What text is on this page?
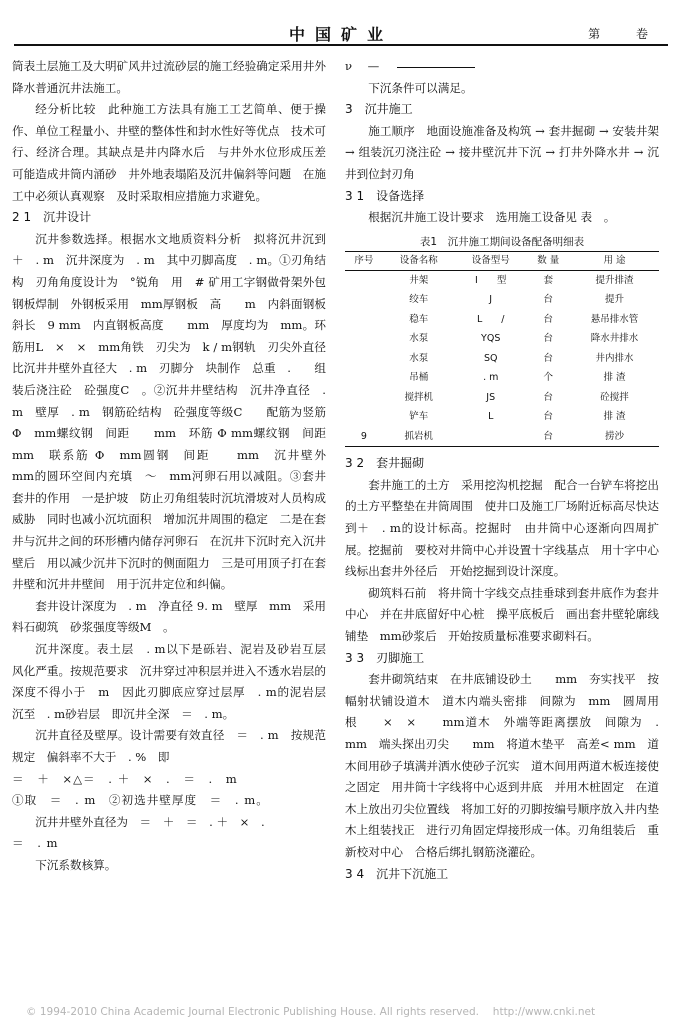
中国矿业	第 卷

筒表土层施工及大明矿风井过流砂层的施工经验确定采用井外降水普通沉井法施工。

经分析比较　此种施工方法具有施工工艺简单、便于操作、单位工程量小、井壁的整体性和封水性好等优点　技术可行、经济合理。其缺点是井内降水后　与井外水位形成压差　可能造成井筒内涌砂　井外地表塌陷及沉井偏斜等问题　在施工中必须认真观察　及时采取相应措施力求避免。

2 1　沉井设计

沉井参数选择。根据水文地质资料分析　拟将沉井沉到＋　. m　沉井深度为　. m　其中刃脚高度　. m。①刃角结构　刃角角度设计为　°锐角　用　# 矿用工字钢做骨架外包钢板焊制　外钢板采用　mm厚钢板　高　　m　内斜面钢板斜长　9 mm　内直钢板高度　　mm　厚度均为　mm。环筋用L　×　×　mm角铁　刃尖为　k / m钢轨　刃尖外直径比沉井井壁外直径大　. m　刃脚分　块制作　总重　.　　组装后浇注砼　砼强度C　。②沉井井壁结构　沉井净直径　. m　壁厚　. m　钢筋砼结构　砼强度等级C　　配筋为竖筋 Φ　mm螺纹钢　间距　　mm　环筋 Φ mm螺纹钢　间距　　mm　联系筋 Φ　mm圆钢　间距　　mm　沉井壁外　　mm的圆环空间内充填　～　mm河卵石用以减阻。③套井　套井的作用　一是护坡　防止刃角组装时沉坑滑坡对人员构成威胁　同时也减小沉坑面积　增加沉井周围的稳定　二是在套井与沉井之间的环形槽内储存河卵石　在沉井下沉时充入沉井壁后　用以减少沉井下沉时的侧面阻力　三是可用顶子打在套井壁和沉井井壁间　用于沉井定位和纠偏。

套井设计深度为　. m　净直径 9. m　壁厚　mm　采用料石砌筑　砂浆强度等级M　。

沉井深度。表土层　. m以下是砾岩、泥岩及砂岩互层　风化严重。按规范要求　沉井穿过冲积层并进入不透水岩层的深度不得小于　m　因此刃脚底应穿过层厚　. m的泥岩层　沉至　. m砂岩层　即沉井全深　＝　. m。

沉井直径及壁厚。设计需要有效直径　＝　. m　按规范规定　偏斜率不大于　. %　即

＝　＋　×△＝　. ＋　×　.　＝　.　m

①取　＝　. m　②初选井壁厚度　＝　. m。

沉井井壁外直径为　＝　＋　＝　. ＋　×　.

＝　. m

下沉系数核算。

ν　—

下沉条件可以满足。

3　沉井施工

施工顺序　地面设施准备及构筑 → 套井掘砌 → 安装井架 → 组装沉刃浇注砼 → 接井壁沉井下沉 → 打井外降水井 → 沉井到位封刃角

3 1　设备选择

根据沉井施工设计要求　选用施工设备见 表　。

表1　沉井施工期间设备配备明细表
序号	设备名称	设备型号	数 量	用 途
	井架	I　　型	套	提升排渣
	绞车	J	台	提升
	稳车	L　　/	台	悬吊排水管
	水泵	YQS	台	降水井排水
	水泵	SQ	台	井内排水
	吊桶	. m	个	排 渣
	搅拌机	JS	台	砼搅拌
	铲车	L	台	排 渣
9	抓岩机		台	捞沙
3 2　套井掘砌

套井施工的土方　采用挖沟机挖掘　配合一台铲车将挖出的土方平整垫在井筒周围　使井口及施工厂场附近标高尽快达到＋　. m的设计标高。挖掘时　由井筒中心逐渐向四周扩展。挖掘前　要校对井筒中心并设置十字线基点　用十字中心线标出套井外径后　开始挖掘到设计深度。

砌筑料石前　将井筒十字线交点挂垂球到套井底作为套井中心　并在井底留好中心桩　操平底板后　画出套井壁轮廓线　铺垫　mm砂浆后　开始按质量标准要求砌料石。

3 3　刃脚施工

套井砌筑结束　在井底铺设砂土　　mm　夯实找平　按幅射状铺设道木　道木内端头密排　间隙为　mm　圆周用　　根　　×　×　　mm道木　外端等距离摆放　间隙为　. mm　端头探出刃尖　　mm　将道木垫平　高差< mm　道木间用砂子填满并洒水使砂子沉实　道木间用两道木板连接使之固定　用井筒十字线将中心返到井底　并用木桩固定　在道木上放出刃尖位置线　将加工好的刃脚按编号顺序放入井内垫木上组装找正　进行刃角固定焊接形成一体。刃角组装后　重新校对中心　合格后绑扎钢筋浇灌砼。

3 4　沉井下沉施工
© 1994-2010 China Academic Journal Electronic Publishing House. All rights reserved.　 http://www.cnki.net
